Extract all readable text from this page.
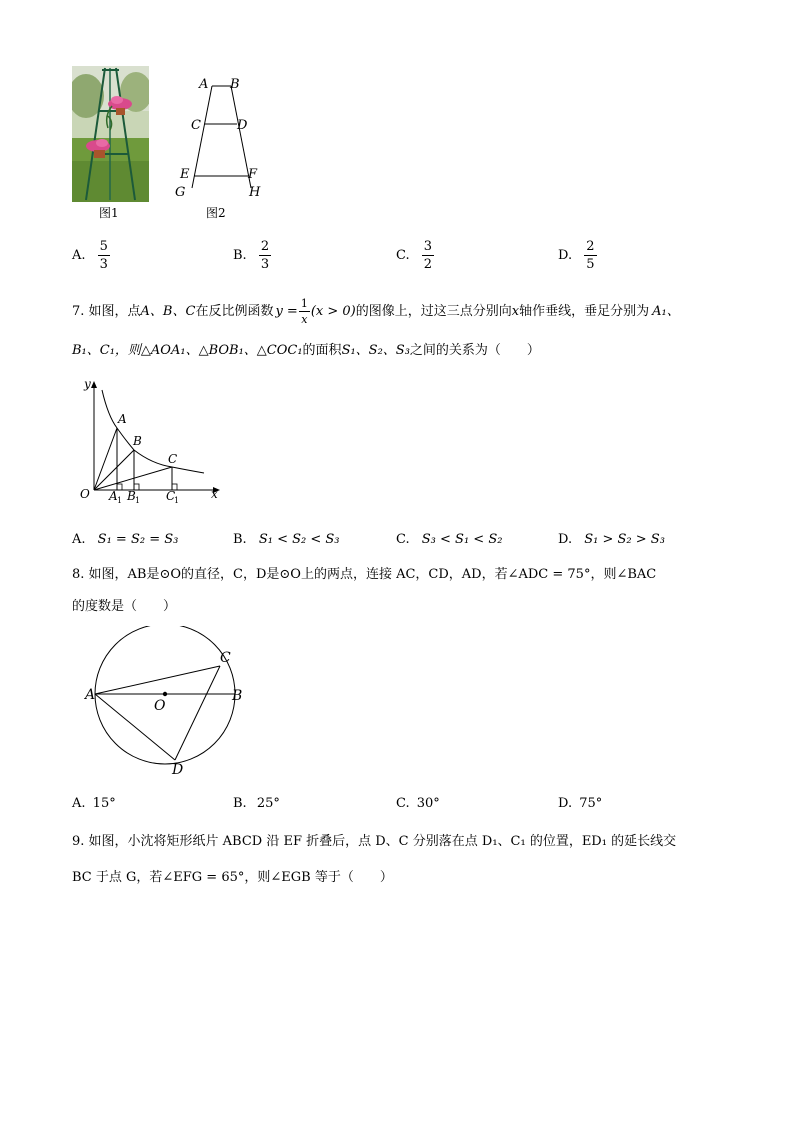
图1
A B
C	D
E	F
G	H
图2
A. $\frac{5}{3}$	B. $\frac{2}{3}$	C. $\frac{3}{2}$	D. $\frac{2}{5}$
7. 如图，点 A、B、C 在反比例函数 $y = \frac{1}{x} (x > 0)$ 的图像上，过这三点分别向 x 轴作垂线，垂足分别为 A₁、
B₁、C₁，则△AOA₁、△BOB₁、△COC₁的面积S₁、S₂、S₃之间的关系为（　　）
y
x
O
A
B
C
A 1 B 1 C
1
A. S₁ = S₂ = S₃	B. S₁ < S₂ < S₃	C. S₃ < S₁ < S₂	D. S₁ > S₂ > S₃
8. 如图，AB是⊙O的直径，C，D是⊙O上的两点，连接 AC，CD，AD，若∠ADC = 75°，则∠BAC
的度数是（　　）
A	B
C
D
O
A. 15°	B. 25°	C. 30°	D. 75°
9. 如图，小沈将矩形纸片 ABCD 沿 EF 折叠后，点 D、C 分别落在点 D₁、C₁ 的位置，ED₁ 的延长线交
BC 于点 G，若∠EFG = 65°，则∠EGB 等于（　　）
